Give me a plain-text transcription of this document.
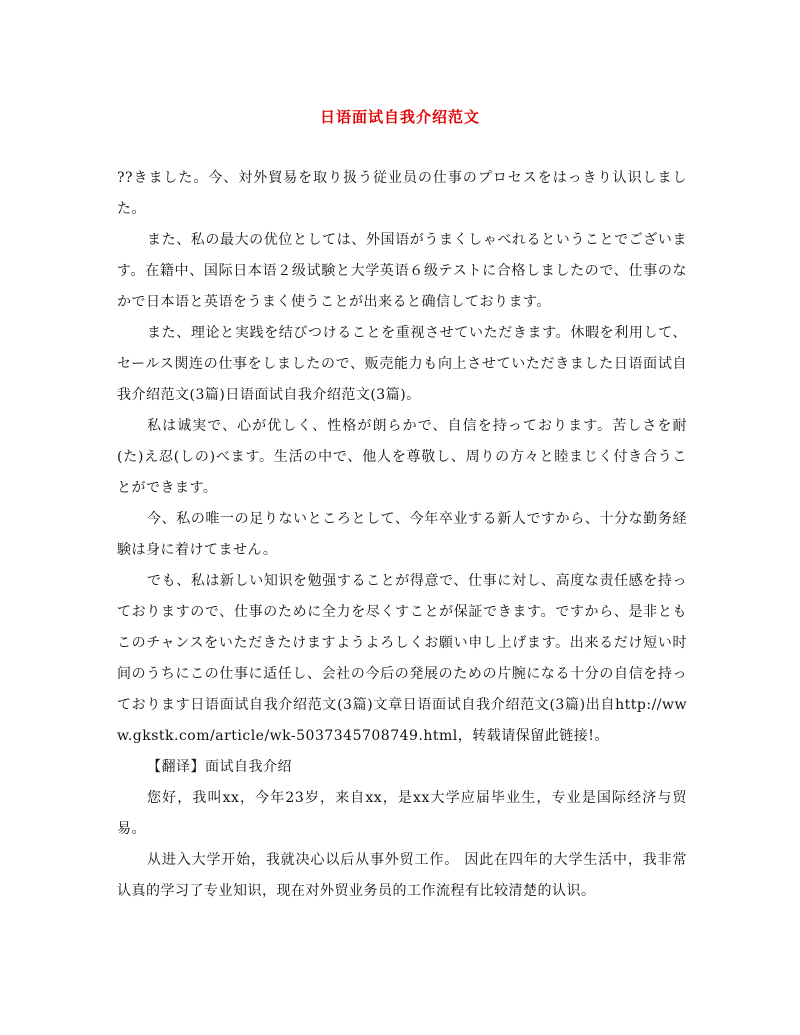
日语面试自我介绍范文

??きました。今、対外貿易を取り扱う従业员の仕事のプロセスをはっきり认识しました。

また、私の最大の优位としては、外国语がうまくしゃべれるということでございます。在籍中、国际日本语２级试験と大学英语６级テストに合格しましたので、仕事のなかで日本语と英语をうまく使うことが出来ると确信しております。

また、理论と実践を结びつけることを重视させていただきます。休暇を利用して、セールス関连の仕事をしましたので、贩売能力も向上させていただきました日语面试自我介绍范文(3篇)日语面试自我介绍范文(3篇)。

私は诚実で、心が优しく、性格が朗らかで、自信を持っております。苦しさを耐(た)え忍(しの)べます。生活の中で、他人を尊敬し、周りの方々と睦まじく付き合うことができます。

今、私の唯一の足りないところとして、今年卒业する新人ですから、十分な勤务経験は身に着けてません。

でも、私は新しい知识を勉强することが得意で、仕事に対し、高度な责任感を持っておりますので、仕事のために全力を尽くすことが保証できます。ですから、是非ともこのチャンスをいただきたけますようよろしくお願い申し上げます。出来るだけ短い时间のうちにこの仕事に适任し、会社の今后の発展のための片腕になる十分の自信を持っております日语面试自我介绍范文(3篇)文章日语面试自我介绍范文(3篇)出自http://www.gkstk.com/article/wk-5037345708749.html，转载请保留此链接!。

【翻译】面试自我介绍

您好，我叫xx，今年23岁，来自xx，是xx大学应届毕业生，专业是国际经济与贸易。

从进入大学开始，我就决心以后从事外贸工作。 因此在四年的大学生活中，我非常认真的学习了专业知识，现在对外贸业务员的工作流程有比较清楚的认识。
